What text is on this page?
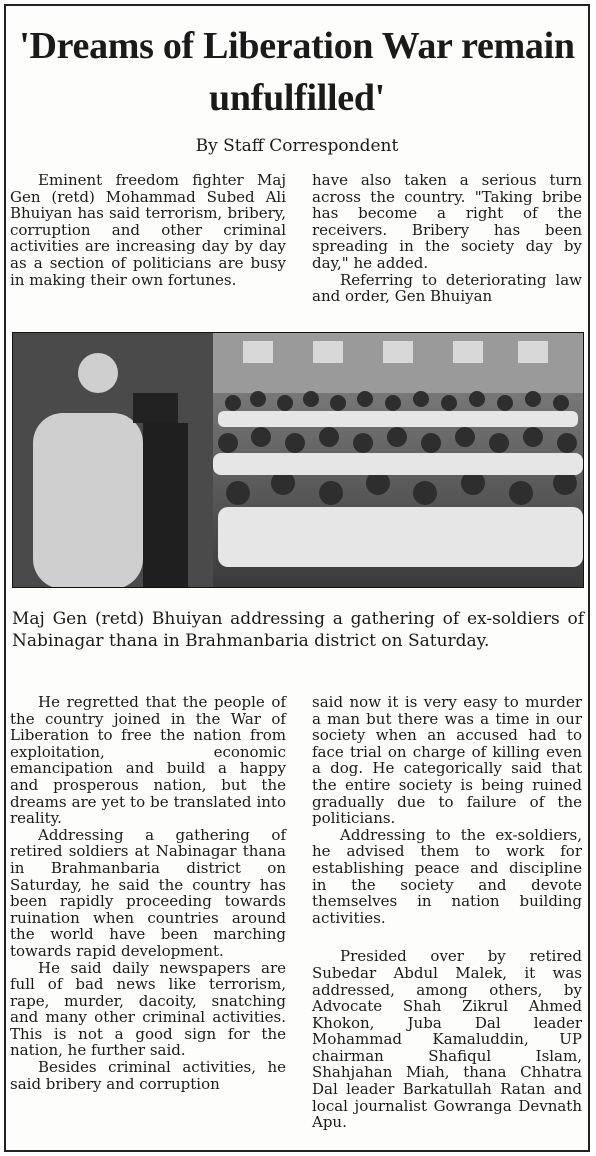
'Dreams of Liberation War remain unfulfilled'

By Staff Correspondent

Eminent freedom fighter Maj Gen (retd) Mohammad Subed Ali Bhuiyan has said terrorism, bribery, corruption and other criminal activities are increasing day by day as a section of politicians are busy in making their own fortunes.

have also taken a serious turn across the country. "Taking bribe has become a right of the receivers. Bribery has been spreading in the society day by day," he added.

Referring to deteriorating law and order, Gen Bhuiyan

Maj Gen (retd) Bhuiyan addressing a gathering of ex-soldiers of Nabinagar thana in Brahmanbaria district on Saturday.

He regretted that the people of the country joined in the War of Liberation to free the nation from exploitation, economic emancipation and build a happy and prosperous nation, but the dreams are yet to be translated into reality.

Addressing a gathering of retired soldiers at Nabinagar thana in Brahmanbaria district on Saturday, he said the country has been rapidly proceeding towards ruination when countries around the world have been marching towards rapid development.

He said daily newspapers are full of bad news like terrorism, rape, murder, dacoity, snatching and many other criminal activities. This is not a good sign for the nation, he further said.

Besides criminal activities, he said bribery and corruption

said now it is very easy to murder a man but there was a time in our society when an accused had to face trial on charge of killing even a dog. He categorically said that the entire society is being ruined gradually due to failure of the politicians.

Addressing to the ex-soldiers, he advised them to work for establishing peace and discipline in the society and devote themselves in nation building activities.

Presided over by retired Subedar Abdul Malek, it was addressed, among others, by Advocate Shah Zikrul Ahmed Khokon, Juba Dal leader Mohammad Kamaluddin, UP chairman Shafiqul Islam, Shahjahan Miah, thana Chhatra Dal leader Barkatullah Ratan and local journalist Gowranga Devnath Apu.
